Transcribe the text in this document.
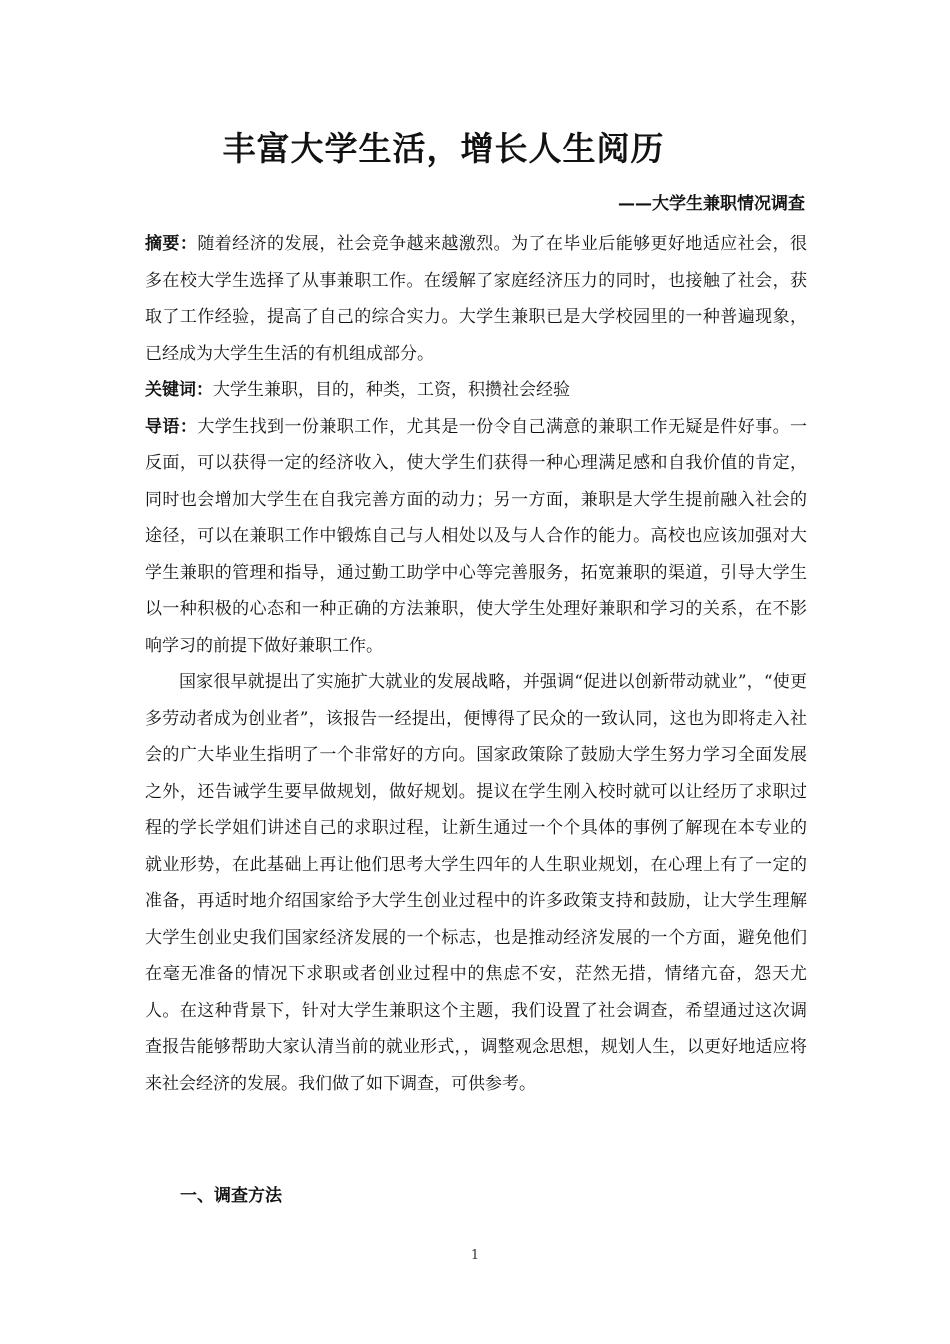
丰富大学生活，增长人生阅历
——大学生兼职情况调查

摘要：随着经济的发展，社会竞争越来越激烈。为了在毕业后能够更好地适应社会，很多在校大学生选择了从事兼职工作。在缓解了家庭经济压力的同时，也接触了社会，获取了工作经验，提高了自己的综合实力。大学生兼职已是大学校园里的一种普遍现象，已经成为大学生生活的有机组成部分。

关键词：大学生兼职，目的，种类，工资，积攒社会经验

导语：大学生找到一份兼职工作，尤其是一份令自己满意的兼职工作无疑是件好事。一反面，可以获得一定的经济收入，使大学生们获得一种心理满足感和自我价值的肯定，同时也会增加大学生在自我完善方面的动力；另一方面，兼职是大学生提前融入社会的途径，可以在兼职工作中锻炼自己与人相处以及与人合作的能力。高校也应该加强对大学生兼职的管理和指导，通过勤工助学中心等完善服务，拓宽兼职的渠道，引导大学生以一种积极的心态和一种正确的方法兼职，使大学生处理好兼职和学习的关系，在不影响学习的前提下做好兼职工作。

国家很早就提出了实施扩大就业的发展战略，并强调“促进以创新带动就业”，“使更多劳动者成为创业者”，该报告一经提出，便博得了民众的一致认同，这也为即将走入社会的广大毕业生指明了一个非常好的方向。国家政策除了鼓励大学生努力学习全面发展之外，还告诫学生要早做规划，做好规划。提议在学生刚入校时就可以让经历了求职过程的学长学姐们讲述自己的求职过程，让新生通过一个个具体的事例了解现在本专业的就业形势，在此基础上再让他们思考大学生四年的人生职业规划，在心理上有了一定的准备，再适时地介绍国家给予大学生创业过程中的许多政策支持和鼓励，让大学生理解大学生创业史我们国家经济发展的一个标志，也是推动经济发展的一个方面，避免他们在毫无准备的情况下求职或者创业过程中的焦虑不安，茫然无措，情绪亢奋，怨天尤人。在这种背景下，针对大学生兼职这个主题，我们设置了社会调查，希望通过这次调查报告能够帮助大家认清当前的就业形式，，调整观念思想，规划人生，以更好地适应将来社会经济的发展。我们做了如下调查，可供参考。

一、调查方法
1
